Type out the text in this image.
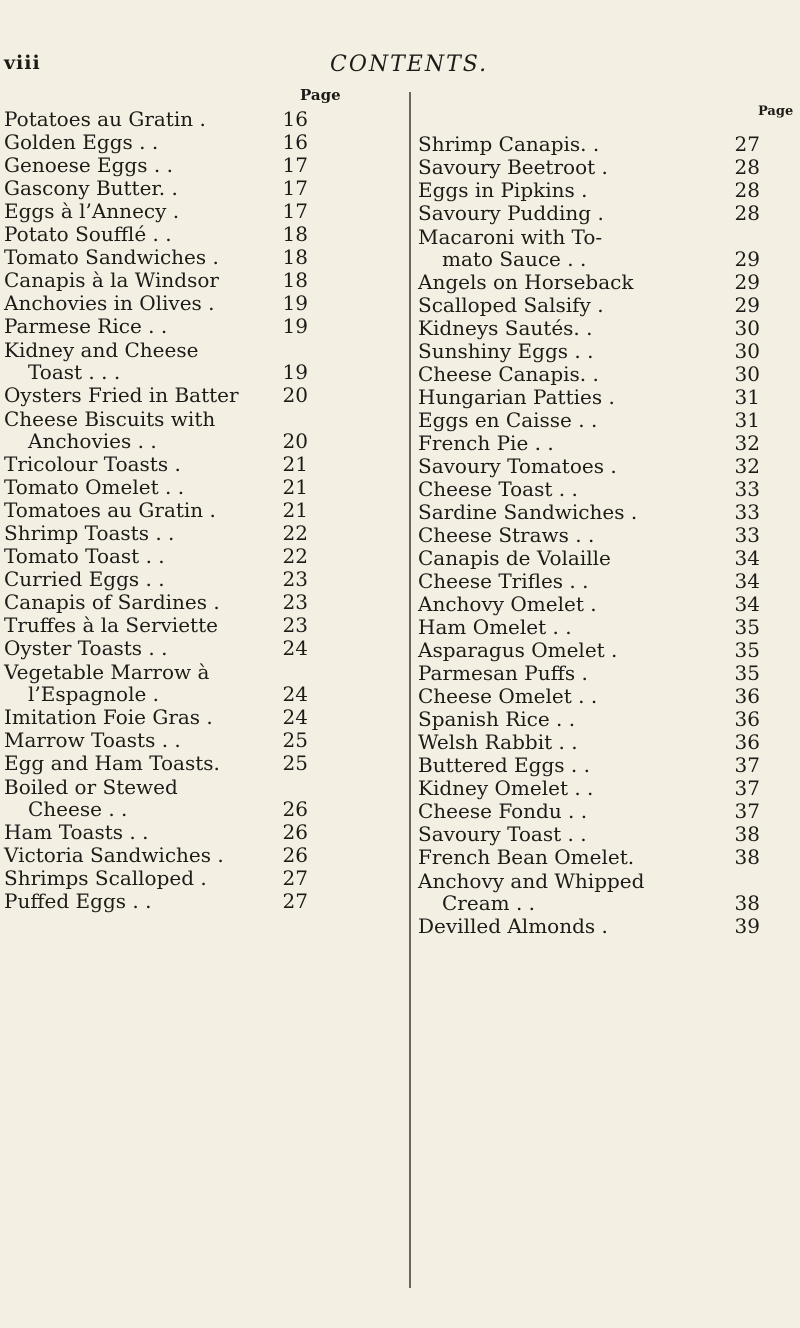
viii	CONTENTS.
Page
Page
Potatoes au Gratin .	16
Golden Eggs . .	16
Genoese Eggs . .	17
Gascony Butter. .	17
Eggs à l’Annecy .	17
Potato Soufflé . .	18
Tomato Sandwiches .	18
Canapis à la Windsor	18
Anchovies in Olives .	19
Parmese Rice . .	19
Kidney and Cheese
Toast . . .	19
Oysters Fried in Batter	20
Cheese Biscuits with
Anchovies . .	20
Tricolour Toasts .	21
Tomato Omelet . .	21
Tomatoes au Gratin .	21
Shrimp Toasts . .	22
Tomato Toast . .	22
Curried Eggs . .	23
Canapis of Sardines .	23
Truffes à la Serviette	23
Oyster Toasts . .	24
Vegetable Marrow à
l’Espagnole .	24
Imitation Foie Gras .	24
Marrow Toasts . .	25
Egg and Ham Toasts.	25
Boiled or Stewed
Cheese . .	26
Ham Toasts . .	26
Victoria Sandwiches .	26
Shrimps Scalloped .	27
Puffed Eggs . .	27
Shrimp Canapis. .	27
Savoury Beetroot .	28
Eggs in Pipkins .	28
Savoury Pudding .	28
Macaroni with To-
mato Sauce . .	29
Angels on Horseback	29
Scalloped Salsify .	29
Kidneys Sautés. .	30
Sunshiny Eggs . .	30
Cheese Canapis. .	30
Hungarian Patties .	31
Eggs en Caisse . .	31
French Pie . .	32
Savoury Tomatoes .	32
Cheese Toast . .	33
Sardine Sandwiches .	33
Cheese Straws . .	33
Canapis de Volaille	34
Cheese Trifles . .	34
Anchovy Omelet .	34
Ham Omelet . .	35
Asparagus Omelet .	35
Parmesan Puffs .	35
Cheese Omelet . .	36
Spanish Rice . .	36
Welsh Rabbit . .	36
Buttered Eggs . .	37
Kidney Omelet . .	37
Cheese Fondu . .	37
Savoury Toast . .	38
French Bean Omelet.	38
Anchovy and Whipped
Cream . .	38
Devilled Almonds .	39
